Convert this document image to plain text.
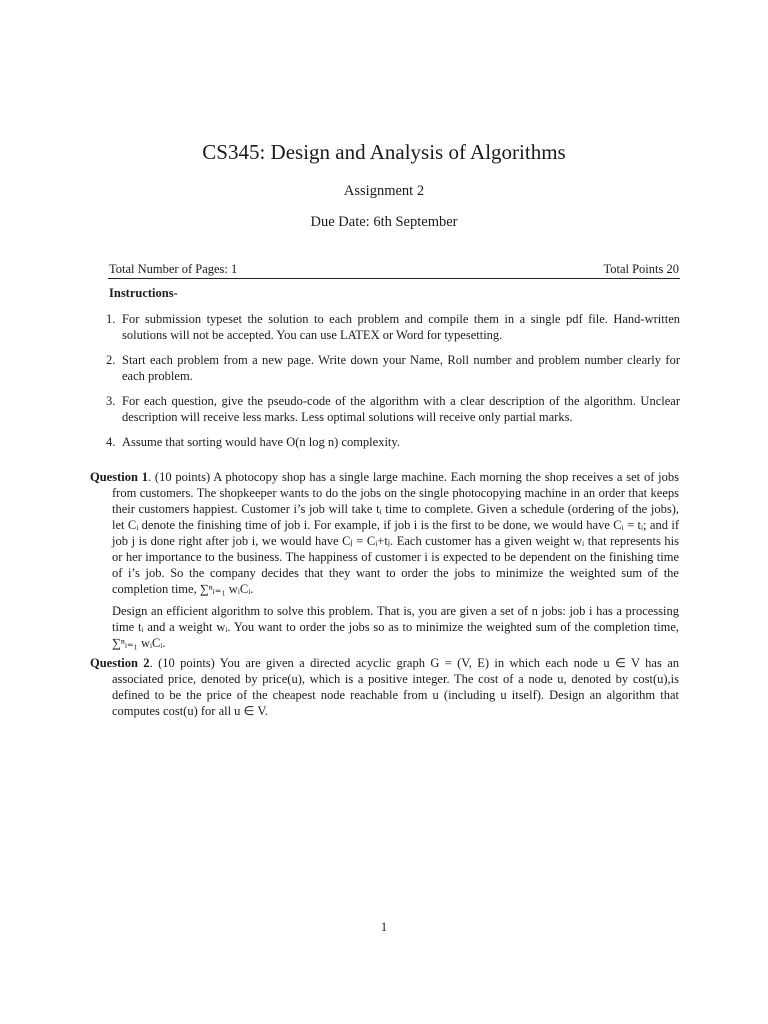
CS345: Design and Analysis of Algorithms
Assignment 2
Due Date: 6th September
Total Number of Pages: 1	Total Points 20
Instructions-
1. For submission typeset the solution to each problem and compile them in a single pdf file. Hand-written solutions will not be accepted. You can use LATEX or Word for typesetting.
2. Start each problem from a new page. Write down your Name, Roll number and problem number clearly for each problem.
3. For each question, give the pseudo-code of the algorithm with a clear description of the algorithm. Unclear description will receive less marks. Less optimal solutions will receive only partial marks.
4. Assume that sorting would have O(n log n) complexity.

Question 1. (10 points) A photocopy shop has a single large machine. Each morning the shop receives a set of jobs from customers. The shopkeeper wants to do the jobs on the single photocopying machine in an order that keeps their customers happiest. Customer i’s job will take tᵢ time to complete. Given a schedule (ordering of the jobs), let Cᵢ denote the finishing time of job i. For example, if job i is the first to be done, we would have Cᵢ = tᵢ; and if job j is done right after job i, we would have Cⱼ = Cᵢ+tⱼ. Each customer has a given weight wᵢ that represents his or her importance to the business. The happiness of customer i is expected to be dependent on the finishing time of i’s job. So the company decides that they want to order the jobs to minimize the weighted sum of the completion time, ∑ⁿᵢ₌₁ wᵢCᵢ.

Design an efficient algorithm to solve this problem. That is, you are given a set of n jobs: job i has a processing time tᵢ and a weight wᵢ. You want to order the jobs so as to minimize the weighted sum of the completion time, ∑ⁿᵢ₌₁ wᵢCᵢ.

Question 2. (10 points) You are given a directed acyclic graph G = (V, E) in which each node u ∈ V has an associated price, denoted by price(u), which is a positive integer. The cost of a node u, denoted by cost(u),is defined to be the price of the cheapest node reachable from u (including u itself). Design an algorithm that computes cost(u) for all u ∈ V.

1
